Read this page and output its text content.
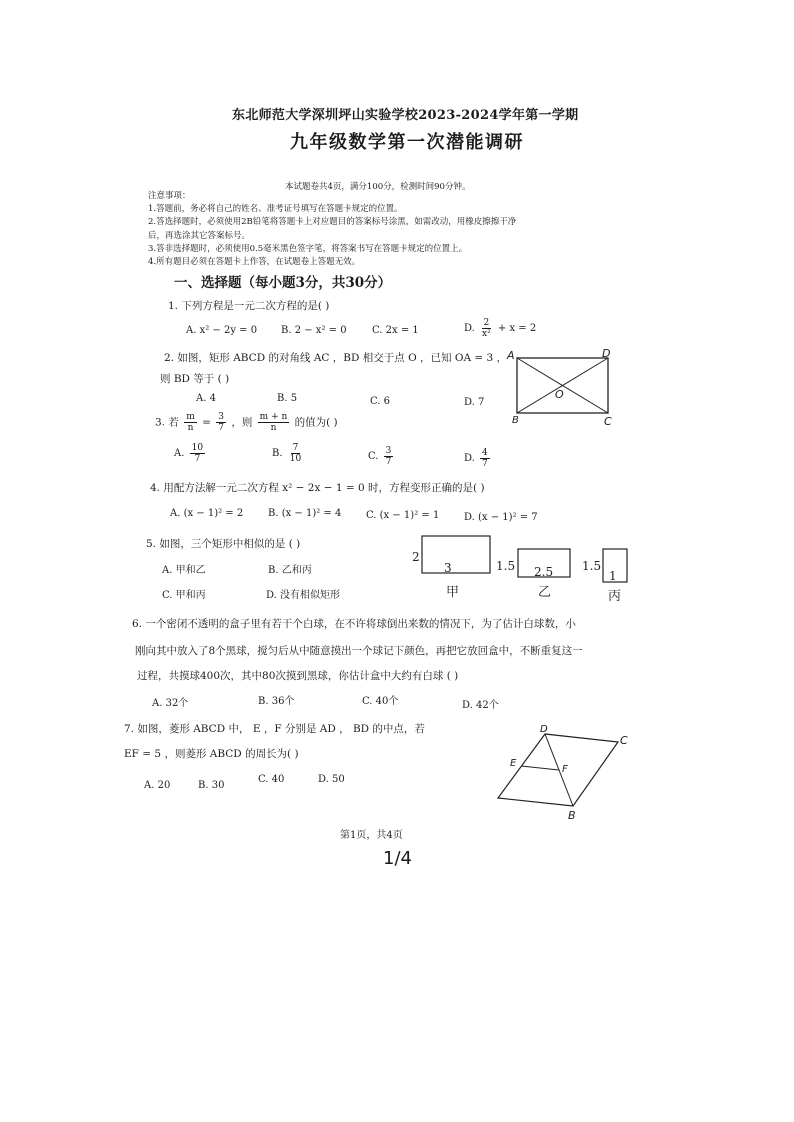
东北师范大学深圳坪山实验学校2023-2024学年第一学期
九年级数学第一次潜能调研
本试题卷共4页，满分100分，检测时间90分钟。
注意事项：
1.答题前，务必将自己的姓名、准考证号填写在答题卡规定的位置。
2.答选择题时，必须使用2B铅笔将答题卡上对应题目的答案标号涂黑，如需改动，用橡皮擦擦干净
后，再选涂其它答案标号。
3.答非选择题时，必须使用0.5毫米黑色签字笔，将答案书写在答题卡规定的位置上。
4.所有题目必须在答题卡上作答，在试题卷上答题无效。
一、选择题（每小题3分，共30分）
1. 下列方程是一元二次方程的是( )
A. x² − 2y = 0 B. 2 − x² = 0	C. 2x = 1	D. $\frac{2}{\text{x²}} + x = 2$
2. 如图，矩形 ABCD 的对角线 AC ，BD 相交于点 O ，已知 OA = 3 ，
则 BD 等于 ( )
A. 4	B. 5	C. 6	D. 7
A	D
B	C
O
3. 若 $\frac{m}{n} = \frac{3}{7}$ ，则 $\frac{m + n}{n}$ 的值为( )
A. $\frac{10}{7}$	B. $\frac{7}{10}$	C. $\frac{3}{7}$	D. $\frac{4}{7}$
4. 用配方法解一元二次方程 x² − 2x − 1 = 0 时，方程变形正确的是( )
A. (x − 1)² = 2 B. (x − 1)² = 4 C. (x − 1)² = 1 D. (x − 1)² = 7
5. 如图，三个矩形中相似的是 ( )
A. 甲和乙	B. 乙和丙
C. 甲和丙	D. 没有相似矩形
2
3
甲
1.5 2.5
乙
1.5
1
丙
6. 一个密闭不透明的盒子里有若干个白球，在不许将球倒出来数的情况下，为了估计白球数，小
刚向其中放入了8个黑球，搅匀后从中随意摸出一个球记下颜色，再把它放回盒中，不断重复这一
过程，共摸球400次，其中80次摸到黑球，你估计盒中大约有白球 ( )
A. 32个	B. 36个	C. 40个	D. 42个
7. 如图，菱形 ABCD 中， E ，F 分别是 AD ， BD 的中点，若
EF = 5 ，则菱形 ABCD 的周长为( )
A. 20	B. 30
C. 40	D. 50
D
C
E
F
B
第1页，共4页
1/4
